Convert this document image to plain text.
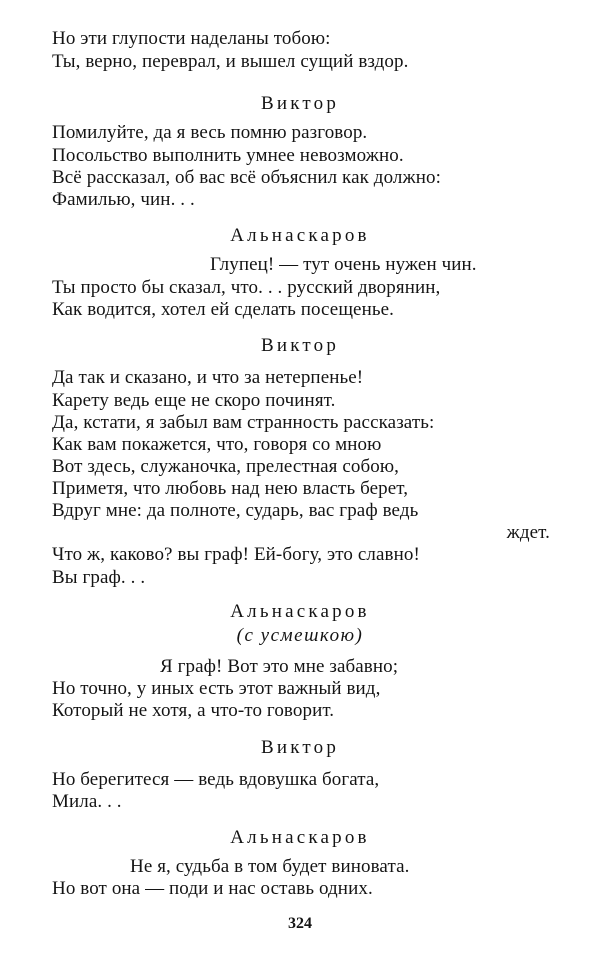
Но эти глупости наделаны тобою:
Ты, верно, переврал, и вышел сущий вздор.
Виктор
Помилуйте, да я весь помню разговор.
Посольство выполнить умнее невозможно.
Всё рассказал, об вас всё объяснил как должно:
Фамилью, чин. . .
Альнаскаров
Глупец! — тут очень нужен чин.
Ты просто бы сказал, что. . . русский дворянин,
Как водится, хотел ей сделать посещенье.
Виктор
Да так и сказано, и что за нетерпенье!
Карету ведь еще не скоро починят.
Да, кстати, я забыл вам странность рассказать:
Как вам покажется, что, говоря со мною
Вот здесь, служаночка, прелестная собою,
Приметя, что любовь над нею власть берет,
Вдруг мне: да полноте, сударь, вас граф ведь
ждет.
Что ж, каково? вы граф! Ей-богу, это славно!
Вы граф. . .
Альнаскаров
(с усмешкою)
Я граф! Вот это мне забавно;
Но точно, у иных есть этот важный вид,
Который не хотя, а что-то говорит.
Виктор
Но берегитеся — ведь вдовушка богата,
Мила. . .
Альнаскаров
Не я, судьба в том будет виновата.
Но вот она — поди и нас оставь одних.
324
